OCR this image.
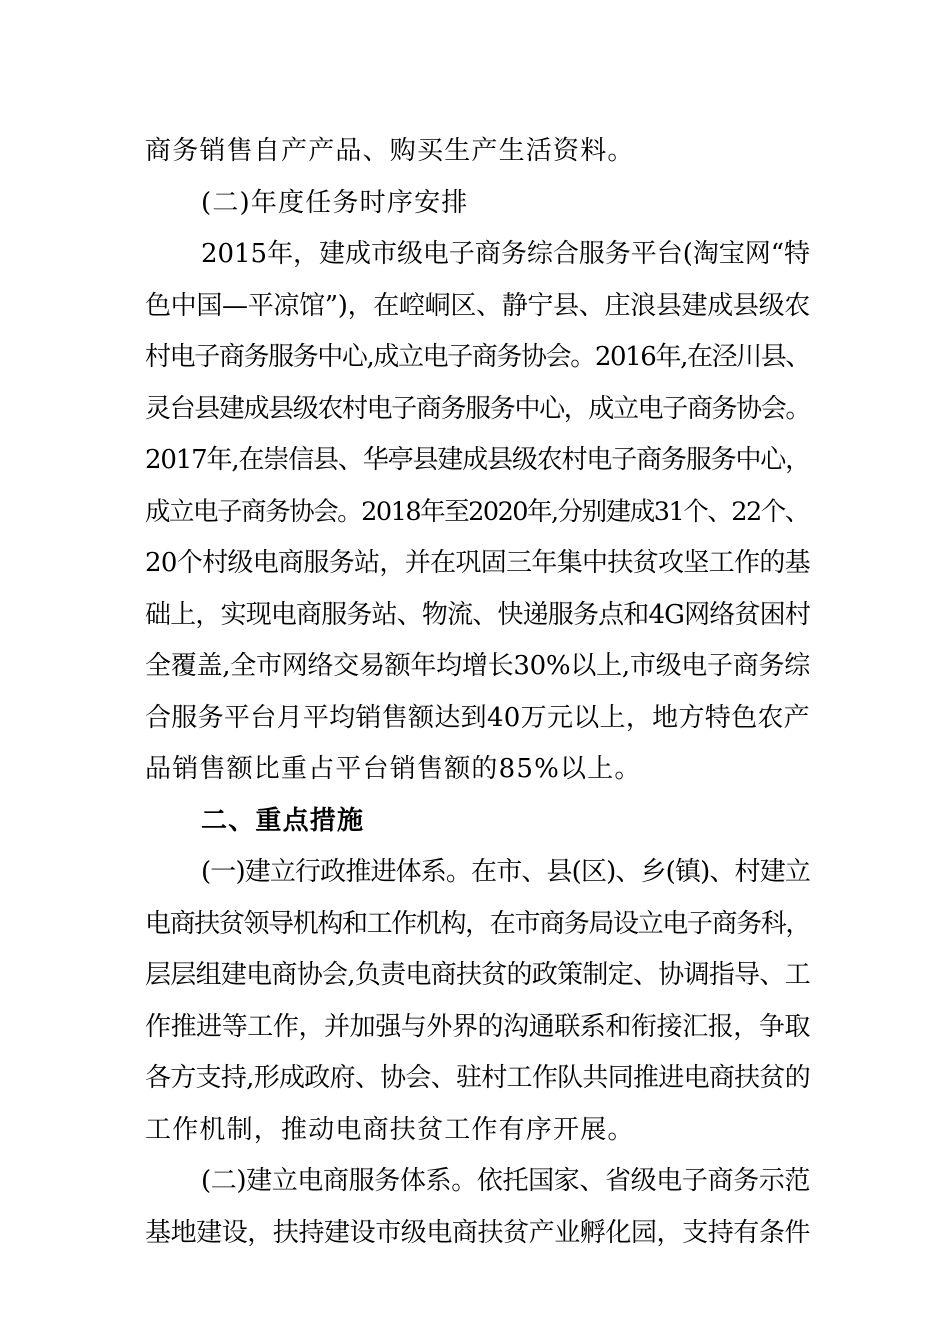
商务销售自产产品、购买生产生活资料。

(二)年度任务时序安排

2015年，建成市级电子商务综合服务平台(淘宝网“特
色中国—平凉馆”)，在崆峒区、静宁县、庄浪县建成县级农
村电子商务服务中心,成立电子商务协会。2016年,在泾川县、
灵台县建成县级农村电子商务服务中心，成立电子商务协会。
2017年,在崇信县、华亭县建成县级农村电子商务服务中心，
成立电子商务协会。2018年至2020年,分别建成31个、22个、
20个村级电商服务站，并在巩固三年集中扶贫攻坚工作的基
础上，实现电商服务站、物流、快递服务点和4G网络贫困村
全覆盖,全市网络交易额年均增长30%以上,市级电子商务综
合服务平台月平均销售额达到40万元以上，地方特色农产
品销售额比重占平台销售额的85%以上。

二、重点措施

(一)建立行政推进体系。在市、县(区)、乡(镇)、村建立
电商扶贫领导机构和工作机构，在市商务局设立电子商务科，
层层组建电商协会,负责电商扶贫的政策制定、协调指导、工
作推进等工作，并加强与外界的沟通联系和衔接汇报，争取
各方支持,形成政府、协会、驻村工作队共同推进电商扶贫的
工作机制，推动电商扶贫工作有序开展。

(二)建立电商服务体系。依托国家、省级电子商务示范
基地建设，扶持建设市级电商扶贫产业孵化园，支持有条件
